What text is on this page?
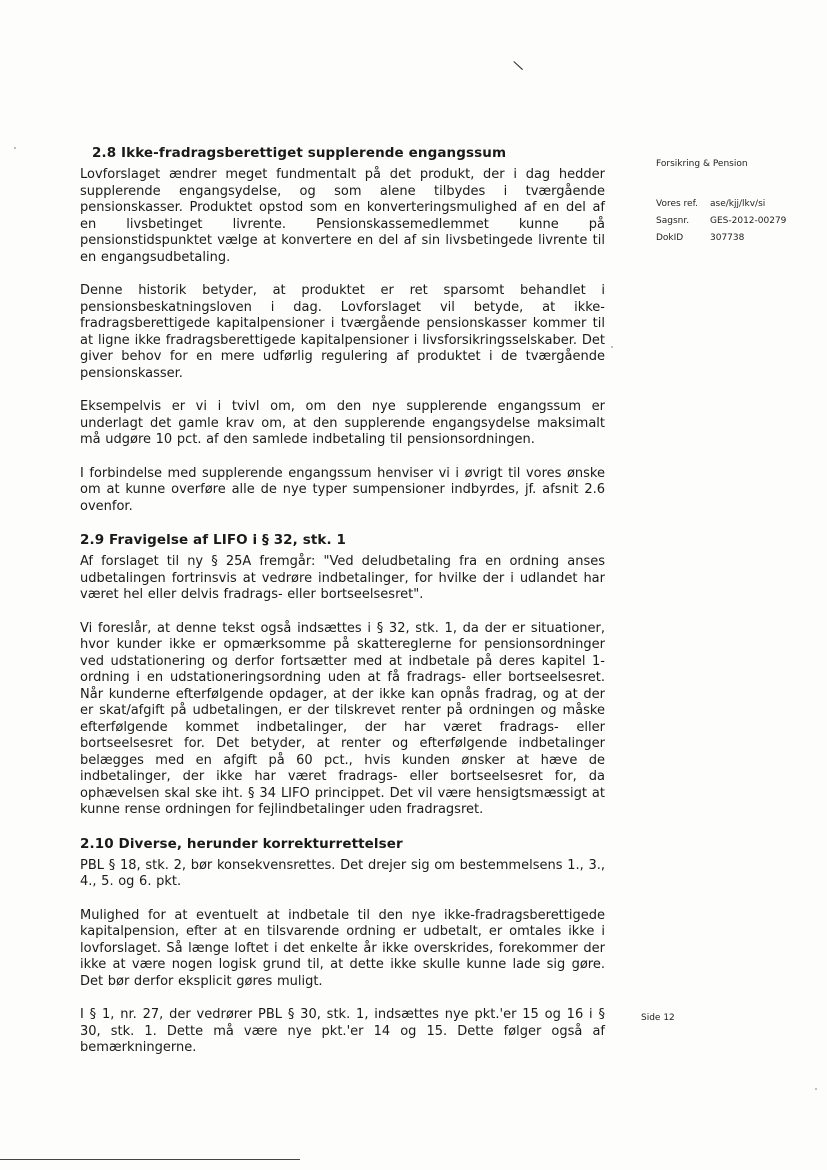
\
Forsikring & Pension
Vores ref.	ase/kjj/lkv/si
Sagsnr.	GES-2012-00279
DokID	307738
2.8 Ikke-fradragsberettiget supplerende engangssum

Lovforslaget ændrer meget fundmentalt på det produkt, der i dag hedder supplerende engangsydelse, og som alene tilbydes i tværgående pensionskasser. Produktet opstod som en konverteringsmulighed af en del af en livsbetinget livrente. Pensionskassemedlemmet kunne på pensionstidspunktet vælge at konvertere en del af sin livsbetingede livrente til en engangsudbetaling.

Denne historik betyder, at produktet er ret sparsomt behandlet i pensionsbeskatningsloven i dag. Lovforslaget vil betyde, at ikke-fradragsberettigede kapitalpensioner i tværgående pensionskasser kommer til at ligne ikke fradragsberettigede kapitalpensioner i livsforsikringsselskaber. Det giver behov for en mere udførlig regulering af produktet i de tværgående pensionskasser.

Eksempelvis er vi i tvivl om, om den nye supplerende engangssum er underlagt det gamle krav om, at den supplerende engangsydelse maksimalt må udgøre 10 pct. af den samlede indbetaling til pensionsordningen.

I forbindelse med supplerende engangssum henviser vi i øvrigt til vores ønske om at kunne overføre alle de nye typer sumpensioner indbyrdes, jf. afsnit 2.6 ovenfor.

2.9 Fravigelse af LIFO i § 32, stk. 1

Af forslaget til ny § 25A fremgår: "Ved deludbetaling fra en ordning anses udbetalingen fortrinsvis at vedrøre indbetalinger, for hvilke der i udlandet har været hel eller delvis fradrags- eller bortseelsesret".

Vi foreslår, at denne tekst også indsættes i § 32, stk. 1, da der er situationer, hvor kunder ikke er opmærksomme på skattereglerne for pensionsordninger ved udstationering og derfor fortsætter med at indbetale på deres kapitel 1-ordning i en udstationeringsordning uden at få fradrags- eller bortseelsesret. Når kunderne efterfølgende opdager, at der ikke kan opnås fradrag, og at der er skat/afgift på udbetalingen, er der tilskrevet renter på ordningen og måske efterfølgende kommet indbetalinger, der har været fradrags- eller bortseelsesret for. Det betyder, at renter og efterfølgende indbetalinger belægges med en afgift på 60 pct., hvis kunden ønsker at hæve de indbetalinger, der ikke har været fradrags- eller bortseelsesret for, da ophævelsen skal ske iht. § 34 LIFO princippet. Det vil være hensigtsmæssigt at kunne rense ordningen for fejlindbetalinger uden fradragsret.

2.10 Diverse, herunder korrekturrettelser

PBL § 18, stk. 2, bør konsekvensrettes. Det drejer sig om bestemmelsens 1., 3., 4., 5. og 6. pkt.

Mulighed for at eventuelt at indbetale til den nye ikke-fradragsberettigede kapitalpension, efter at en tilsvarende ordning er udbetalt, er omtales ikke i lovforslaget. Så længe loftet i det enkelte år ikke overskrides, forekommer der ikke at være nogen logisk grund til, at dette ikke skulle kunne lade sig gøre. Det bør derfor eksplicit gøres muligt.

I § 1, nr. 27, der vedrører PBL § 30, stk. 1, indsættes nye pkt.'er 15 og 16 i § 30, stk. 1. Dette må være nye pkt.'er 14 og 15. Dette følger også af bemærkningerne.

Side 12
